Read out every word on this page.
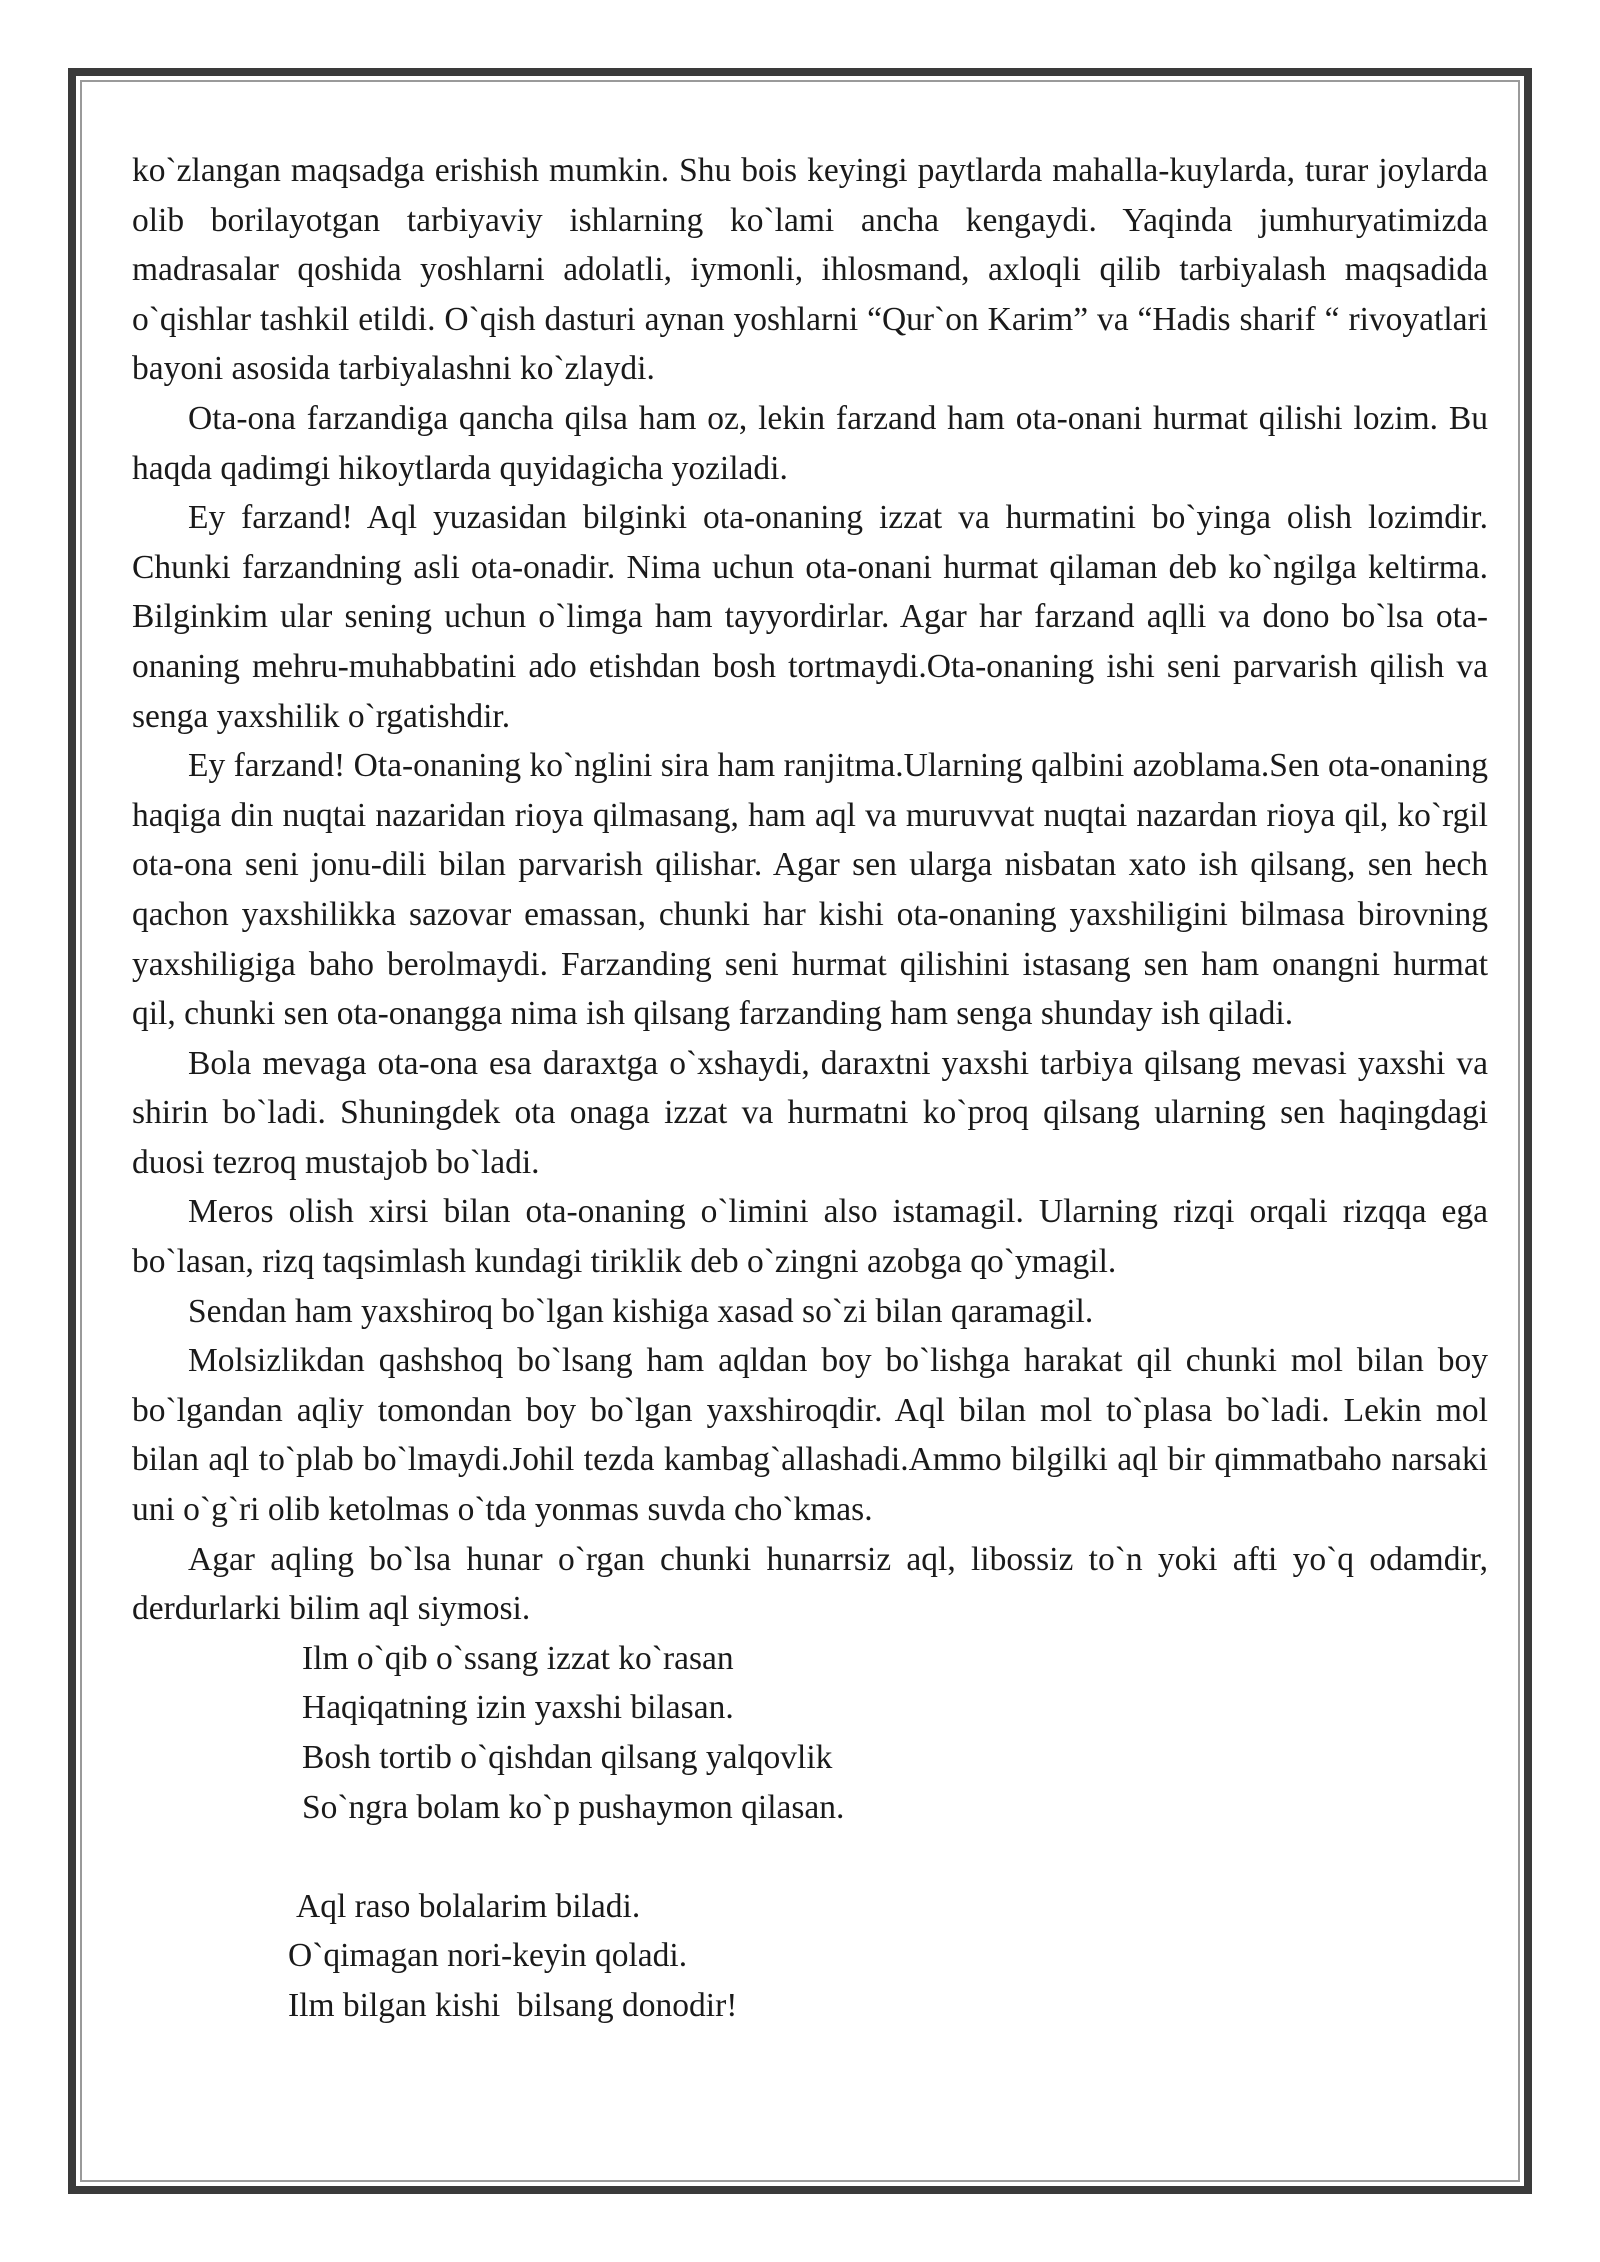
ko`zlangan maqsadga erishish mumkin. Shu bois keyingi paytlarda mahalla-kuylarda, turar joylarda olib borilayotgan tarbiyaviy ishlarning ko`lami ancha kengaydi. Yaqinda jumhuryatimizda madrasalar qoshida yoshlarni adolatli, iymonli, ihlosmand, axloqli qilib tarbiyalash maqsadida o`qishlar tashkil etildi. O`qish dasturi aynan yoshlarni “Qur`on Karim” va “Hadis sharif “ rivoyatlari bayoni asosida tarbiyalashni ko`zlaydi.

Ota-ona farzandiga qancha qilsa ham oz, lekin farzand ham ota-onani hurmat qilishi lozim. Bu haqda qadimgi hikoytlarda quyidagicha yoziladi.

Ey farzand! Aql yuzasidan bilginki ota-onaning izzat va hurmatini bo`yinga olish lozimdir. Chunki farzandning asli ota-onadir. Nima uchun ota-onani hurmat qilaman deb ko`ngilga keltirma. Bilginkim ular sening uchun o`limga ham tayyordirlar. Agar har farzand aqlli va dono bo`lsa ota-onaning mehru-muhabbatini ado etishdan bosh tortmaydi.Ota-onaning ishi seni parvarish qilish va senga yaxshilik o`rgatishdir.

Ey farzand! Ota-onaning ko`nglini sira ham ranjitma.Ularning qalbini azoblama.Sen ota-onaning haqiga din nuqtai nazaridan rioya qilmasang, ham aql va muruvvat nuqtai nazardan rioya qil, ko`rgil ota-ona seni jonu-dili bilan parvarish qilishar. Agar sen ularga nisbatan xato ish qilsang, sen hech qachon yaxshilikka sazovar emassan, chunki har kishi ota-onaning yaxshiligini bilmasa birovning yaxshiligiga baho berolmaydi. Farzanding seni hurmat qilishini istasang sen ham onangni hurmat qil, chunki sen ota-onangga nima ish qilsang farzanding ham senga shunday ish qiladi.

Bola mevaga ota-ona esa daraxtga o`xshaydi, daraxtni yaxshi tarbiya qilsang mevasi yaxshi va shirin bo`ladi. Shuningdek ota onaga izzat va hurmatni ko`proq qilsang ularning sen haqingdagi duosi tezroq mustajob bo`ladi.

Meros olish xirsi bilan ota-onaning o`limini also istamagil. Ularning rizqi orqali rizqqa ega bo`lasan, rizq taqsimlash kundagi tiriklik deb o`zingni azobga qo`ymagil.

Sendan ham yaxshiroq bo`lgan kishiga xasad so`zi bilan qaramagil.

Molsizlikdan qashshoq bo`lsang ham aqldan boy bo`lishga harakat qil chunki mol bilan boy bo`lgandan aqliy tomondan boy bo`lgan yaxshiroqdir. Aql bilan mol to`plasa bo`ladi. Lekin mol bilan aql to`plab bo`lmaydi.Johil tezda kambag`allashadi.Ammo bilgilki aql bir qimmatbaho narsaki uni o`g`ri olib ketolmas o`tda yonmas suvda cho`kmas.

Agar aqling bo`lsa hunar o`rgan chunki hunarrsiz aql, libossiz to`n yoki afti yo`q odamdir, derdurlarki bilim aql siymosi.

Ilm o`qib o`ssang izzat ko`rasan
Haqiqatning izin yaxshi bilasan.
Bosh tortib o`qishdan qilsang yalqovlik
So`ngra bolam ko`p pushaymon qilasan.
Aql raso bolalarim biladi.
O`qimagan nori-keyin qoladi.
Ilm bilgan kishi  bilsang donodir!
